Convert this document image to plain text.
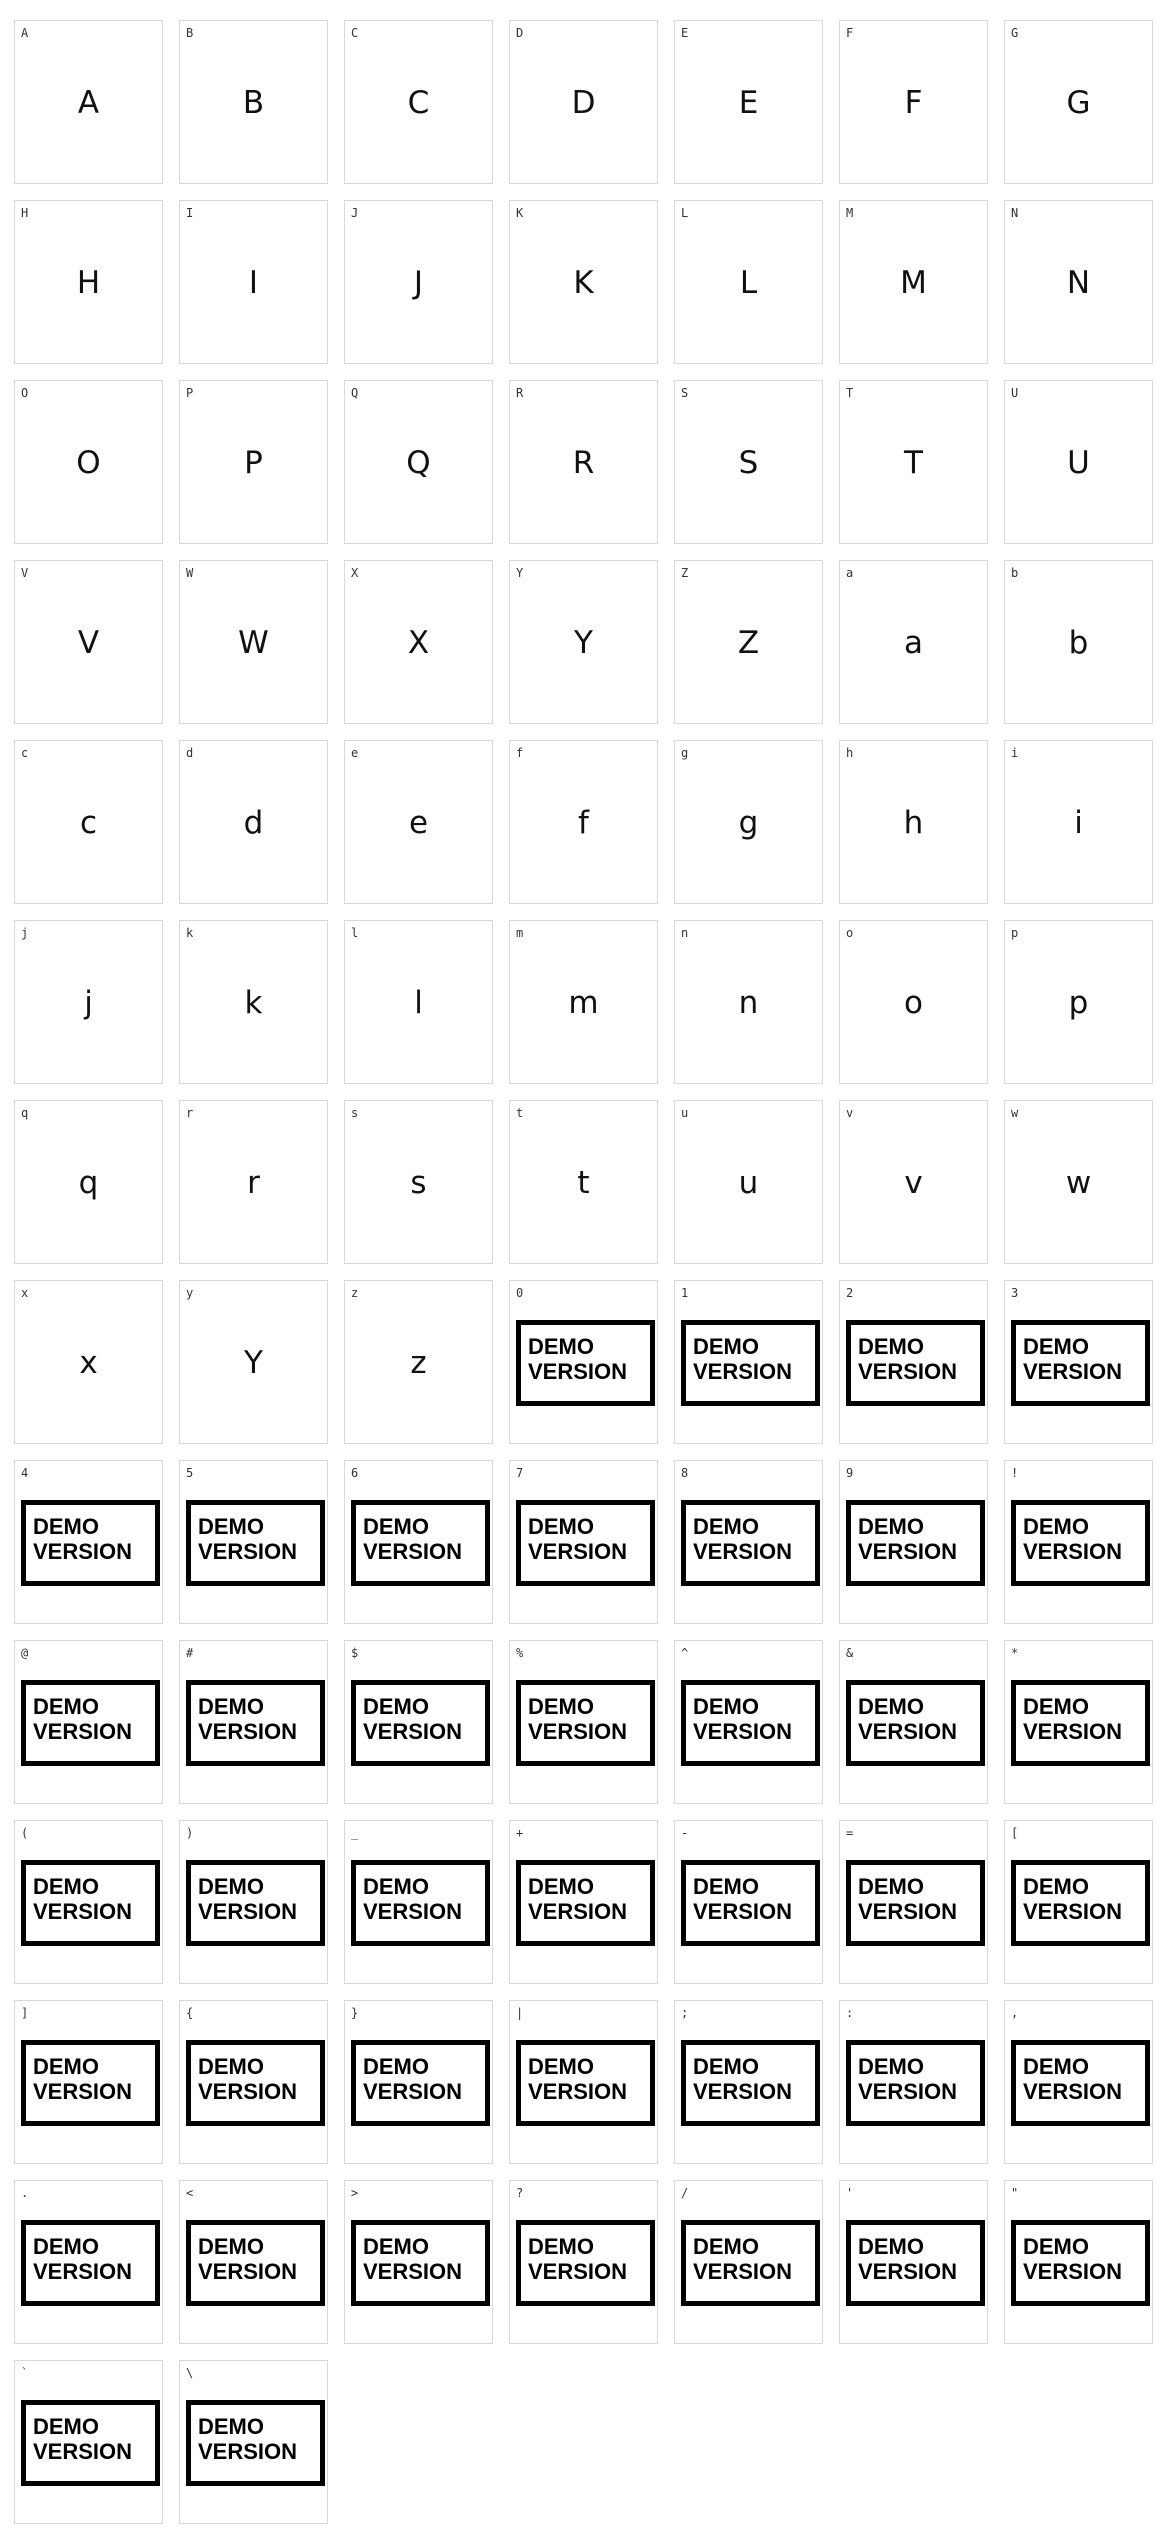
A
A
B
B
C
C
D
D
E
E
F
F
G
G
H
H
I
I
J
J
K
K
L
L
M
M
N
N
O
O
P
P
Q
Q
R
R
S
S
T
T
U
U
V
V
W
W
X
X
Y
Y
Z
Z
a
a
b
b
c
c
d
d
e
e
f
f
g
g
h
h
i
i
j
j
k
k
l
l
m
m
n
n
o
o
p
p
q
q
r
r
s
s
t
t
u
u
v
v
w
w
x
x
y
Y
z
z
0
DEMO
VERSION
1
DEMO
VERSION
2
DEMO
VERSION
3
DEMO
VERSION
4
DEMO
VERSION
5
DEMO
VERSION
6
DEMO
VERSION
7
DEMO
VERSION
8
DEMO
VERSION
9
DEMO
VERSION
!
DEMO
VERSION
@
DEMO
VERSION
#
DEMO
VERSION
$
DEMO
VERSION
%
DEMO
VERSION
^
DEMO
VERSION
&
DEMO
VERSION
*
DEMO
VERSION
(
DEMO
VERSION
)
DEMO
VERSION
_
DEMO
VERSION
+
DEMO
VERSION
-
DEMO
VERSION
=
DEMO
VERSION
[
DEMO
VERSION
]
DEMO
VERSION
{
DEMO
VERSION
}
DEMO
VERSION
|
DEMO
VERSION
;
DEMO
VERSION
:
DEMO
VERSION
,
DEMO
VERSION
.
DEMO
VERSION
<
DEMO
VERSION
>
DEMO
VERSION
?
DEMO
VERSION
/
DEMO
VERSION
'
DEMO
VERSION
"
DEMO
VERSION
`
DEMO
VERSION
\
DEMO
VERSION
